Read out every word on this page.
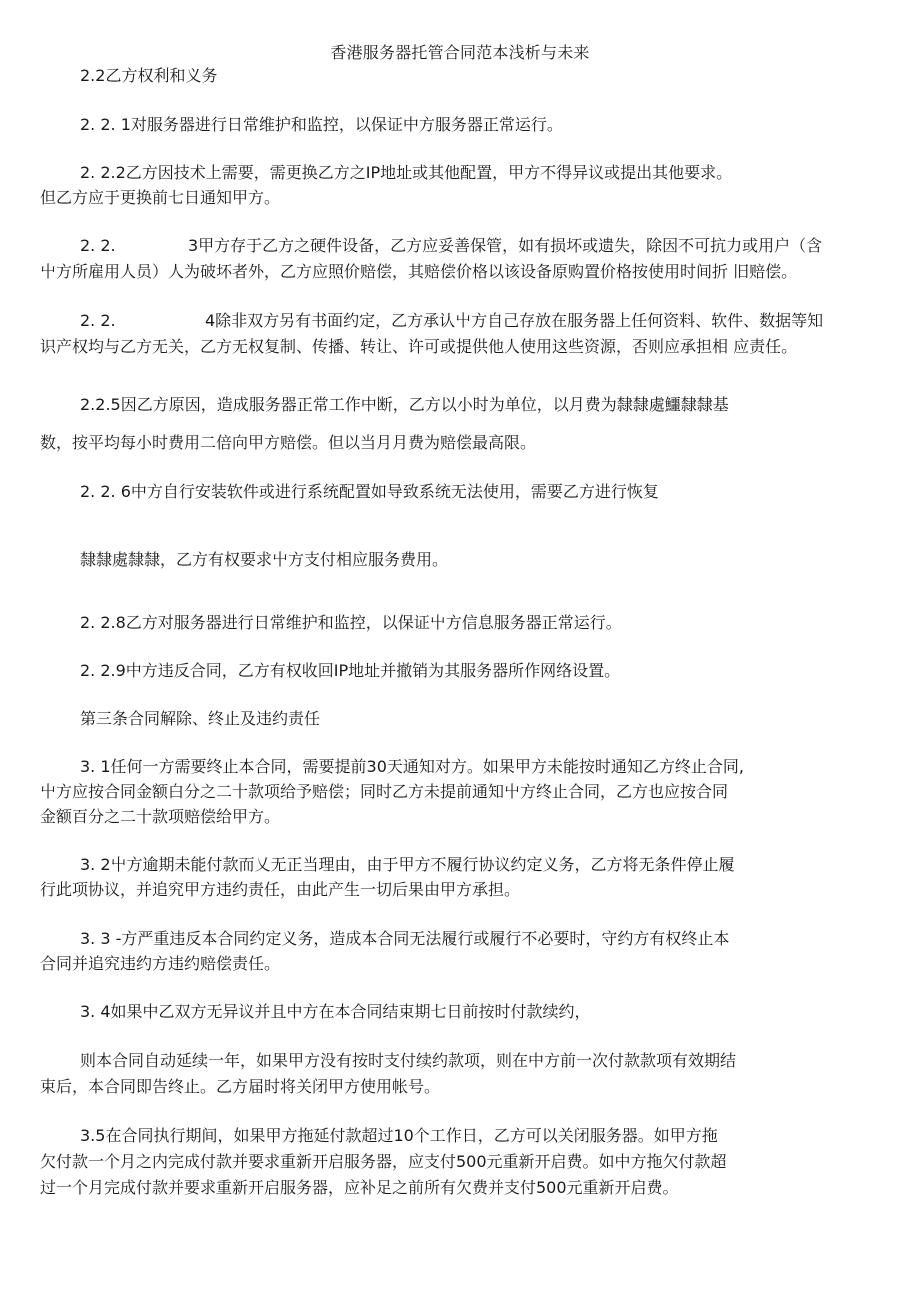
香港服务器托管合同范本浅析与未来
2.2乙方权利和义务
2. 2. 1对服务器进行日常维护和监控，以保证中方服务器正常运行。
2. 2.2乙方因技术上需要，需更换乙方之IP地址或其他配置，甲方不得异议或提出其他要求。
但乙方应于更换前七日通知甲方。
2. 2.	3甲方存于乙方之硬件设备，乙方应妥善保管，如有损坏或遗失，除因不可抗力或用户（含
屮方所雇用人员）人为破坏者外，乙方应照价赔偿，其赔偿价格以该设备原购置价格按使用时间折 旧赔偿。
2. 2.	4除非双方另有书面约定，乙方承认屮方自己存放在服务器上任何资料、软件、数据等知
识产权均与乙方无关，乙方无权复制、传播、转让、许可或提供他人使用这些资源，否则应承担相 应责任。
2.2.5因乙方原因，造成服务器正常工作中断，乙方以小时为单位，以月费为隸隸處鱷隸隸基
数，按平均每小时费用二倍向甲方赔偿。但以当月月费为赔偿最高限。
2. 2. 6中方自行安装软件或进行系统配置如导致系统无法使用，需要乙方进行恢复
隸隸處隸隸，乙方有权要求屮方支付相应服务费用。
2. 2.8乙方对服务器进行日常维护和监控，以保证屮方信息服务器正常运行。
2. 2.9中方违反合同，乙方有权收回IP地址并撤销为其服务器所作网络设置。
第三条合同解除、终止及违约责任
3. 1任何一方需要终止本合同，需要提前30天通知对方。如果甲方未能按时通知乙方终止合同,
屮方应按合同金额白分之二十款项给予赔偿；同时乙方未提前通知屮方终止合同，乙方也应按合同
金额百分之二十款项赔偿给甲方。
3. 2屮方逾期未能付款而乂无正当理由，由于甲方不履行协议约定义务，乙方将无条件停止履
行此项协议，并追究甲方违约责任，由此产生一切后果由甲方承担。
3. 3 -方严重违反本合同约定义务，造成本合同无法履行或履行不必要时，守约方有权终止本
合同并追究违约方违约赔偿责任。
3. 4如果中乙双方无异议并且中方在本合同结束期七日前按时付款续约，
则本合同自动延续一年，如果甲方没有按时支付续约款项，则在中方前一次付款款项有效期结
束后，本合同即告终止。乙方届时将关闭甲方使用帐号。
3.5在合同执行期间，如果甲方拖延付款超过10个工作日，乙方可以关闭服务器。如甲方拖
欠付款一个月之内完成付款并要求重新开启服务器，应支付500元重新开启费。如中方拖欠付款超
过一个月完成付款并要求重新开启服务器，应补足之前所有欠费并支付500元重新开启费。
